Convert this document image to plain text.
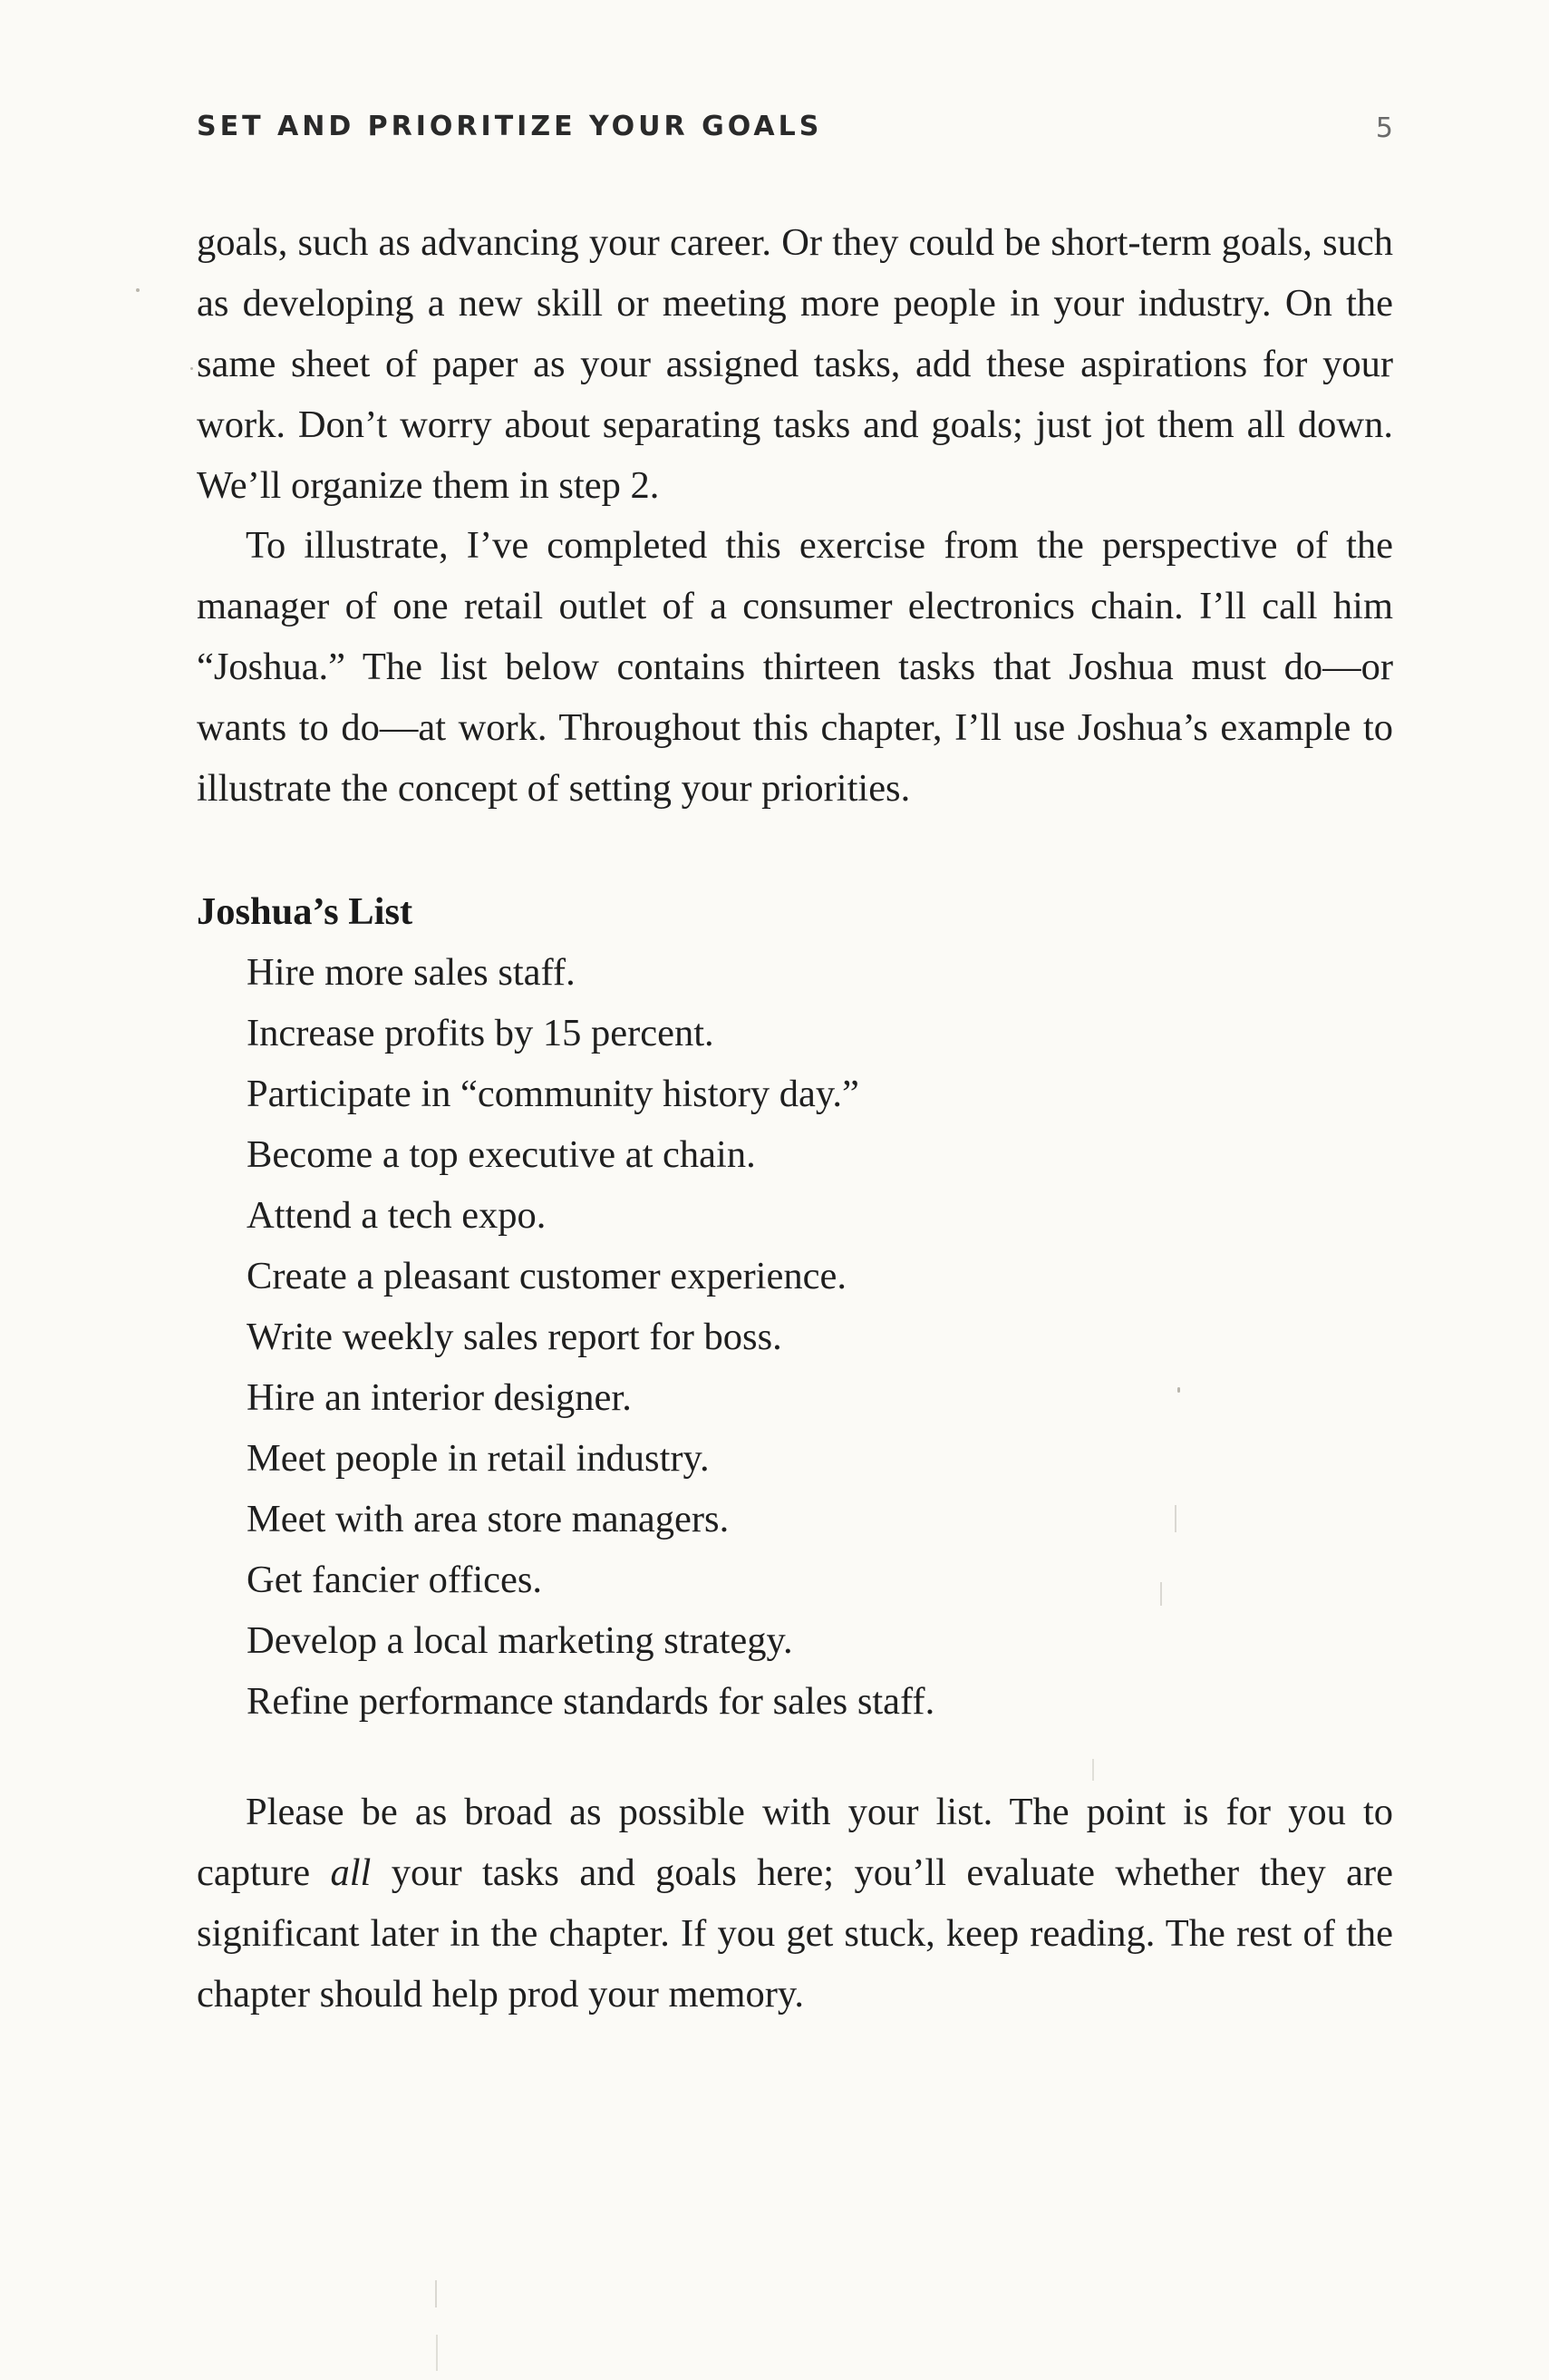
SET AND PRIORITIZE YOUR GOALS	5

goals, such as advancing your career. Or they could be short-term goals, such as developing a new skill or meeting more people in your industry. On the same sheet of paper as your assigned tasks, add these aspirations for your work. Don’t worry about separating tasks and goals; just jot them all down. We’ll organize them in step 2.

To illustrate, I’ve completed this exercise from the perspective of the manager of one retail outlet of a consumer electronics chain. I’ll call him “Joshua.” The list below contains thirteen tasks that Joshua must do—or wants to do—at work. Throughout this chapter, I’ll use Joshua’s example to illustrate the concept of setting your priorities.

Joshua’s List
Hire more sales staff.
Increase profits by 15 percent.
Participate in “community history day.”
Become a top executive at chain.
Attend a tech expo.
Create a pleasant customer experience.
Write weekly sales report for boss.
Hire an interior designer.
Meet people in retail industry.
Meet with area store managers.
Get fancier offices.
Develop a local marketing strategy.
Refine performance standards for sales staff.

Please be as broad as possible with your list. The point is for you to capture all your tasks and goals here; you’ll evaluate whether they are significant later in the chapter. If you get stuck, keep reading. The rest of the chapter should help prod your memory.
